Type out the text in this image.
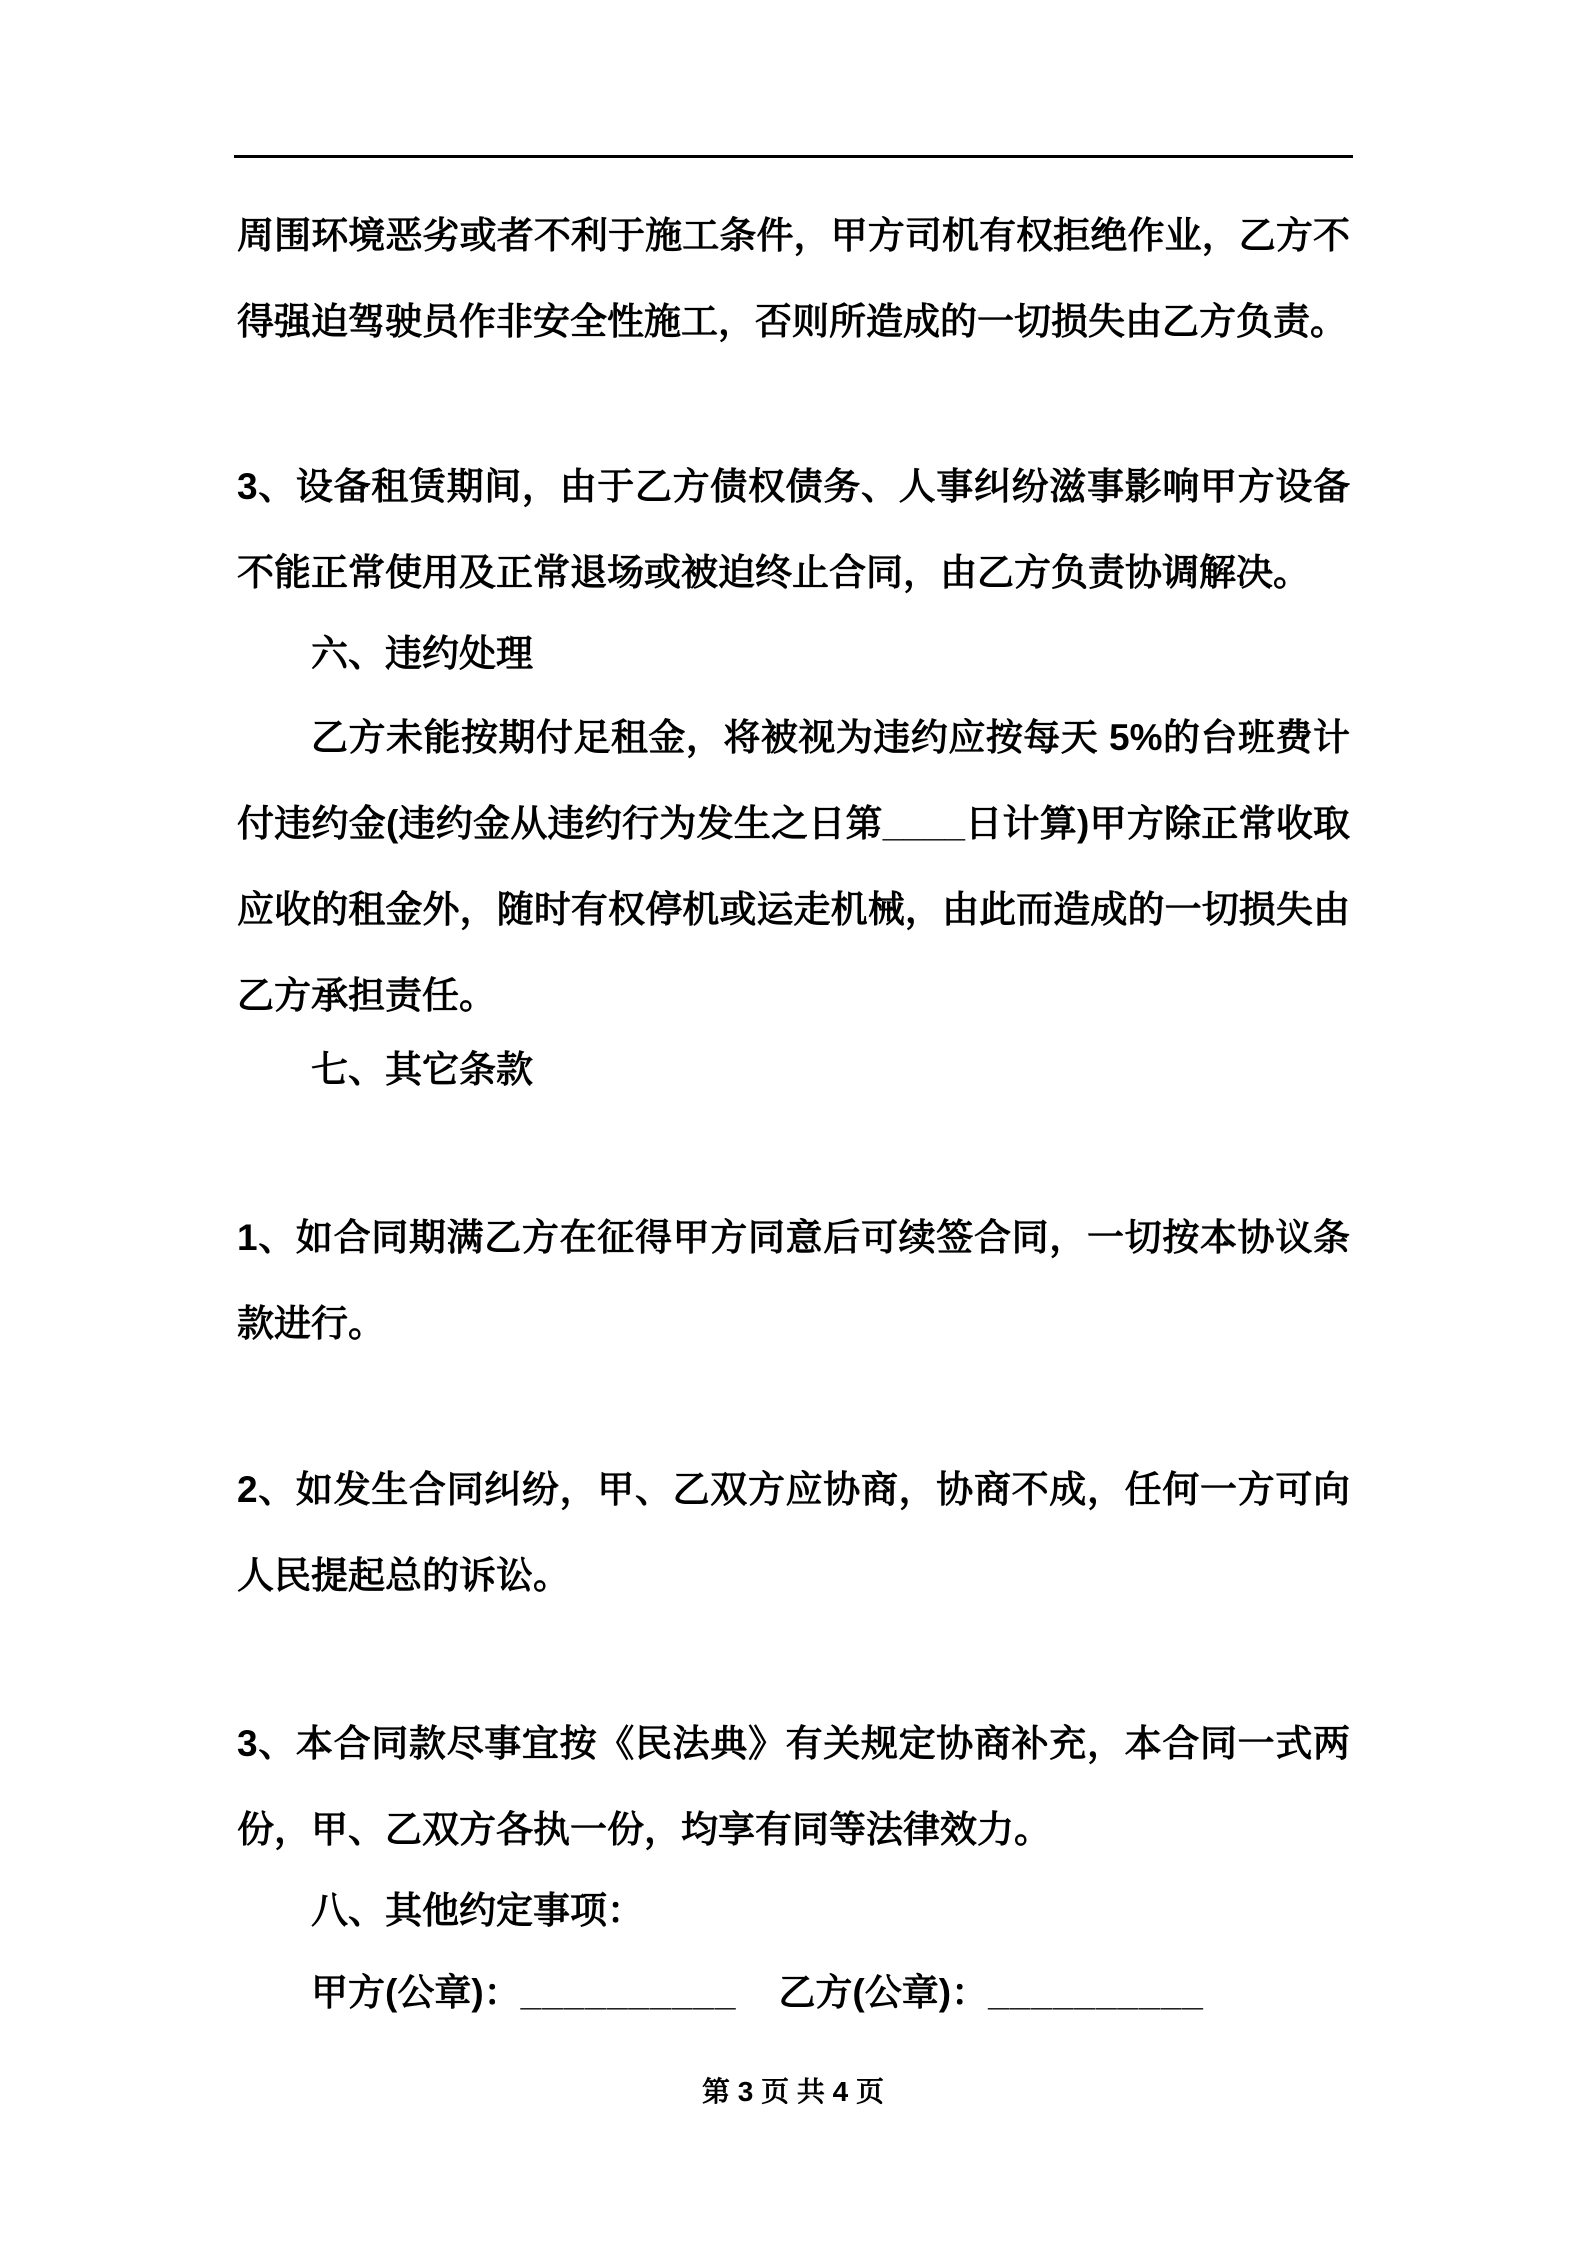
周围环境恶劣或者不利于施工条件，甲方司机有权拒绝作业，乙方不得强迫驾驶员作非安全性施工，否则所造成的一切损失由乙方负责。

3、设备租赁期间，由于乙方债权债务、人事纠纷滋事影响甲方设备不能正常使用及正常退场或被迫终止合同，由乙方负责协调解决。

六、违约处理

乙方未能按期付足租金，将被视为违约应按每天 5%的台班费计付违约金(违约金从违约行为发生之日第____日计算)甲方除正常收取应收的租金外，随时有权停机或运走机械，由此而造成的一切损失由乙方承担责任。

七、其它条款

1、如合同期满乙方在征得甲方同意后可续签合同，一切按本协议条款进行。

2、如发生合同纠纷，甲、乙双方应协商，协商不成，任何一方可向人民提起总的诉讼。

3、本合同款尽事宜按《民法典》有关规定协商补充，本合同一式两份，甲、乙双方各执一份，均享有同等法律效力。

八、其他约定事项：

甲方(公章)：__________ 乙方(公章)：__________

第 3 页 共 4 页
